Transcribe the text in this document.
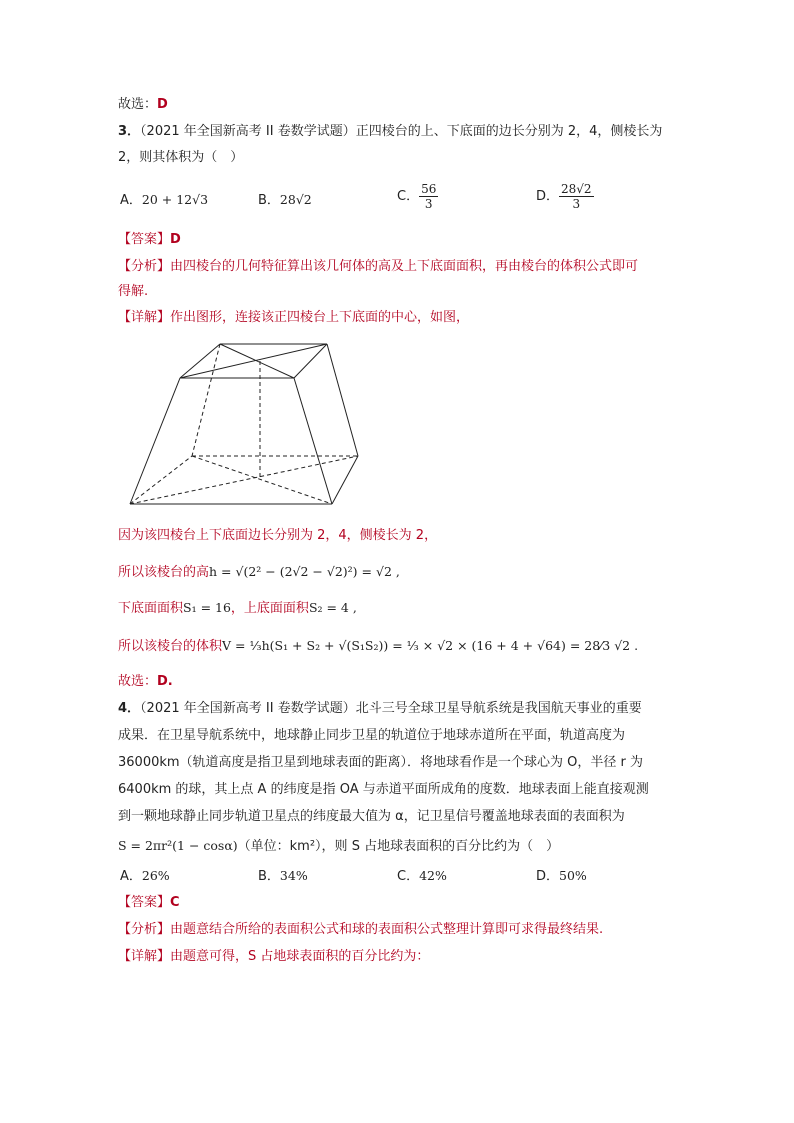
故选：D
3．（2021 年全国新高考 II 卷数学试题）正四棱台的上、下底面的边长分别为 2，4，侧棱长为
2，则其体积为（　）
A．20 + 12√3	B．28√2	C． $\frac{56}{3}$	D． $\frac{28√2}{3}$
【答案】D
【分析】由四棱台的几何特征算出该几何体的高及上下底面面积，再由棱台的体积公式即可
得解.
【详解】作出图形，连接该正四棱台上下底面的中心，如图，
因为该四棱台上下底面边长分别为 2，4，侧棱长为 2，
所以该棱台的高h = √(2² − (2√2 − √2)²) = √2 ,
下底面面积S₁ = 16，上底面面积S₂ = 4 ,
所以该棱台的体积V = ⅓h(S₁ + S₂ + √(S₁S₂)) = ⅓ × √2 × (16 + 4 + √64) = 28⁄3 √2 .
故选：D.
4．（2021 年全国新高考 II 卷数学试题）北斗三号全球卫星导航系统是我国航天事业的重要
成果．在卫星导航系统中，地球静止同步卫星的轨道位于地球赤道所在平面，轨道高度为
36000km（轨道高度是指卫星到地球表面的距离）．将地球看作是一个球心为 O，半径 r 为
6400km 的球，其上点 A 的纬度是指 OA 与赤道平面所成角的度数．地球表面上能直接观测
到一颗地球静止同步轨道卫星点的纬度最大值为 α，记卫星信号覆盖地球表面的表面积为
S = 2πr²(1 − cosα)（单位：km²），则 S 占地球表面积的百分比约为（　）
A．26%	B．34%	C．42%	D．50%
【答案】C
【分析】由题意结合所给的表面积公式和球的表面积公式整理计算即可求得最终结果.
【详解】由题意可得，S 占地球表面积的百分比约为：
